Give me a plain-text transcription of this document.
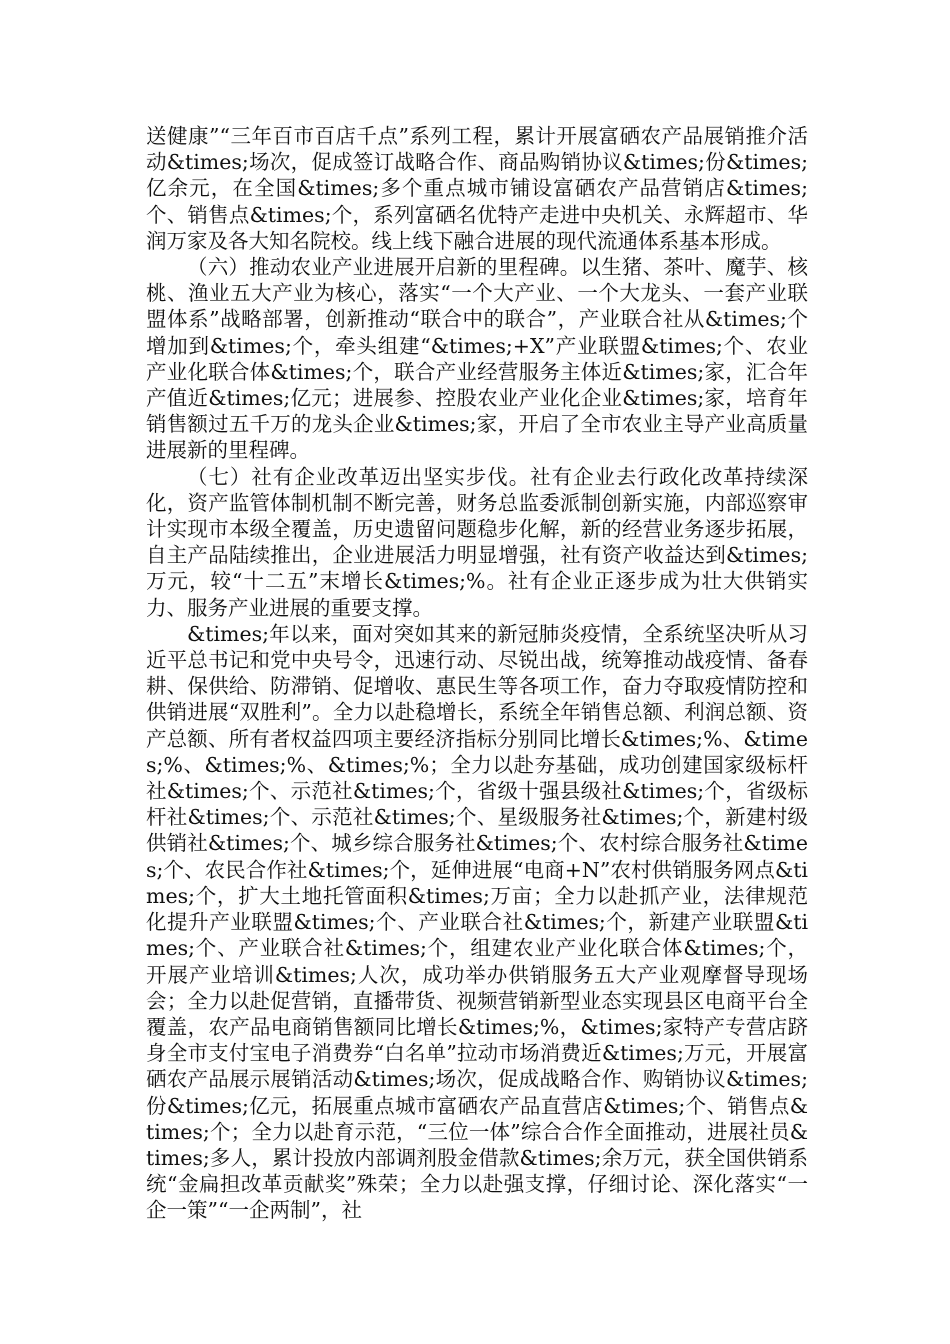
送健康”“三年百市百店千点”系列工程，累计开展富硒农产品展销推介活动&times;场次，促成签订战略合作、商品购销协议&times;份&times;亿余元，在全国&times;多个重点城市铺设富硒农产品营销店&times;个、销售点&times;个，系列富硒名优特产走进中央机关、永辉超市、华润万家及各大知名院校。线上线下融合进展的现代流通体系基本形成。

（六）推动农业产业进展开启新的里程碑。以生猪、茶叶、魔芋、核桃、渔业五大产业为核心，落实“一个大产业、一个大龙头、一套产业联盟体系”战略部署，创新推动“联合中的联合”，产业联合社从&times;个增加到&times;个，牵头组建“&times;+X”产业联盟&times;个、农业产业化联合体&times;个，联合产业经营服务主体近&times;家，汇合年产值近&times;亿元；进展参、控股农业产业化企业&times;家，培育年销售额过五千万的龙头企业&times;家，开启了全市农业主导产业高质量进展新的里程碑。

（七）社有企业改革迈出坚实步伐。社有企业去行政化改革持续深化，资产监管体制机制不断完善，财务总监委派制创新实施，内部巡察审计实现市本级全覆盖，历史遗留问题稳步化解，新的经营业务逐步拓展，自主产品陆续推出，企业进展活力明显增强，社有资产收益达到&times;万元，较“十二五”末增长&times;%。社有企业正逐步成为壮大供销实力、服务产业进展的重要支撑。

&times;年以来，面对突如其来的新冠肺炎疫情，全系统坚决听从习近平总书记和党中央号令，迅速行动、尽锐出战，统筹推动战疫情、备春耕、保供给、防滞销、促增收、惠民生等各项工作，奋力夺取疫情防控和供销进展“双胜利”。全力以赴稳增长，系统全年销售总额、利润总额、资产总额、所有者权益四项主要经济指标分别同比增长&times;%、&times;%、&times;%、&times;%；全力以赴夯基础，成功创建国家级标杆社&times;个、示范社&times;个，省级十强县级社&times;个，省级标杆社&times;个、示范社&times;个、星级服务社&times;个，新建村级供销社&times;个、城乡综合服务社&times;个、农村综合服务社&times;个、农民合作社&times;个，延伸进展“电商+N”农村供销服务网点&times;个，扩大土地托管面积&times;万亩；全力以赴抓产业，法律规范化提升产业联盟&times;个、产业联合社&times;个，新建产业联盟&times;个、产业联合社&times;个，组建农业产业化联合体&times;个，开展产业培训&times;人次，成功举办供销服务五大产业观摩督导现场会；全力以赴促营销，直播带货、视频营销新型业态实现县区电商平台全覆盖，农产品电商销售额同比增长&times;%，&times;家特产专营店跻身全市支付宝电子消费券“白名单”拉动市场消费近&times;万元，开展富硒农产品展示展销活动&times;场次，促成战略合作、购销协议&times;份&times;亿元，拓展重点城市富硒农产品直营店&times;个、销售点&times;个；全力以赴育示范，“三位一体”综合合作全面推动，进展社员&times;多人，累计投放内部调剂股金借款&times;余万元，获全国供销系统“金扁担改革贡献奖”殊荣；全力以赴强支撑，仔细讨论、深化落实“一企一策”“一企两制”，社
